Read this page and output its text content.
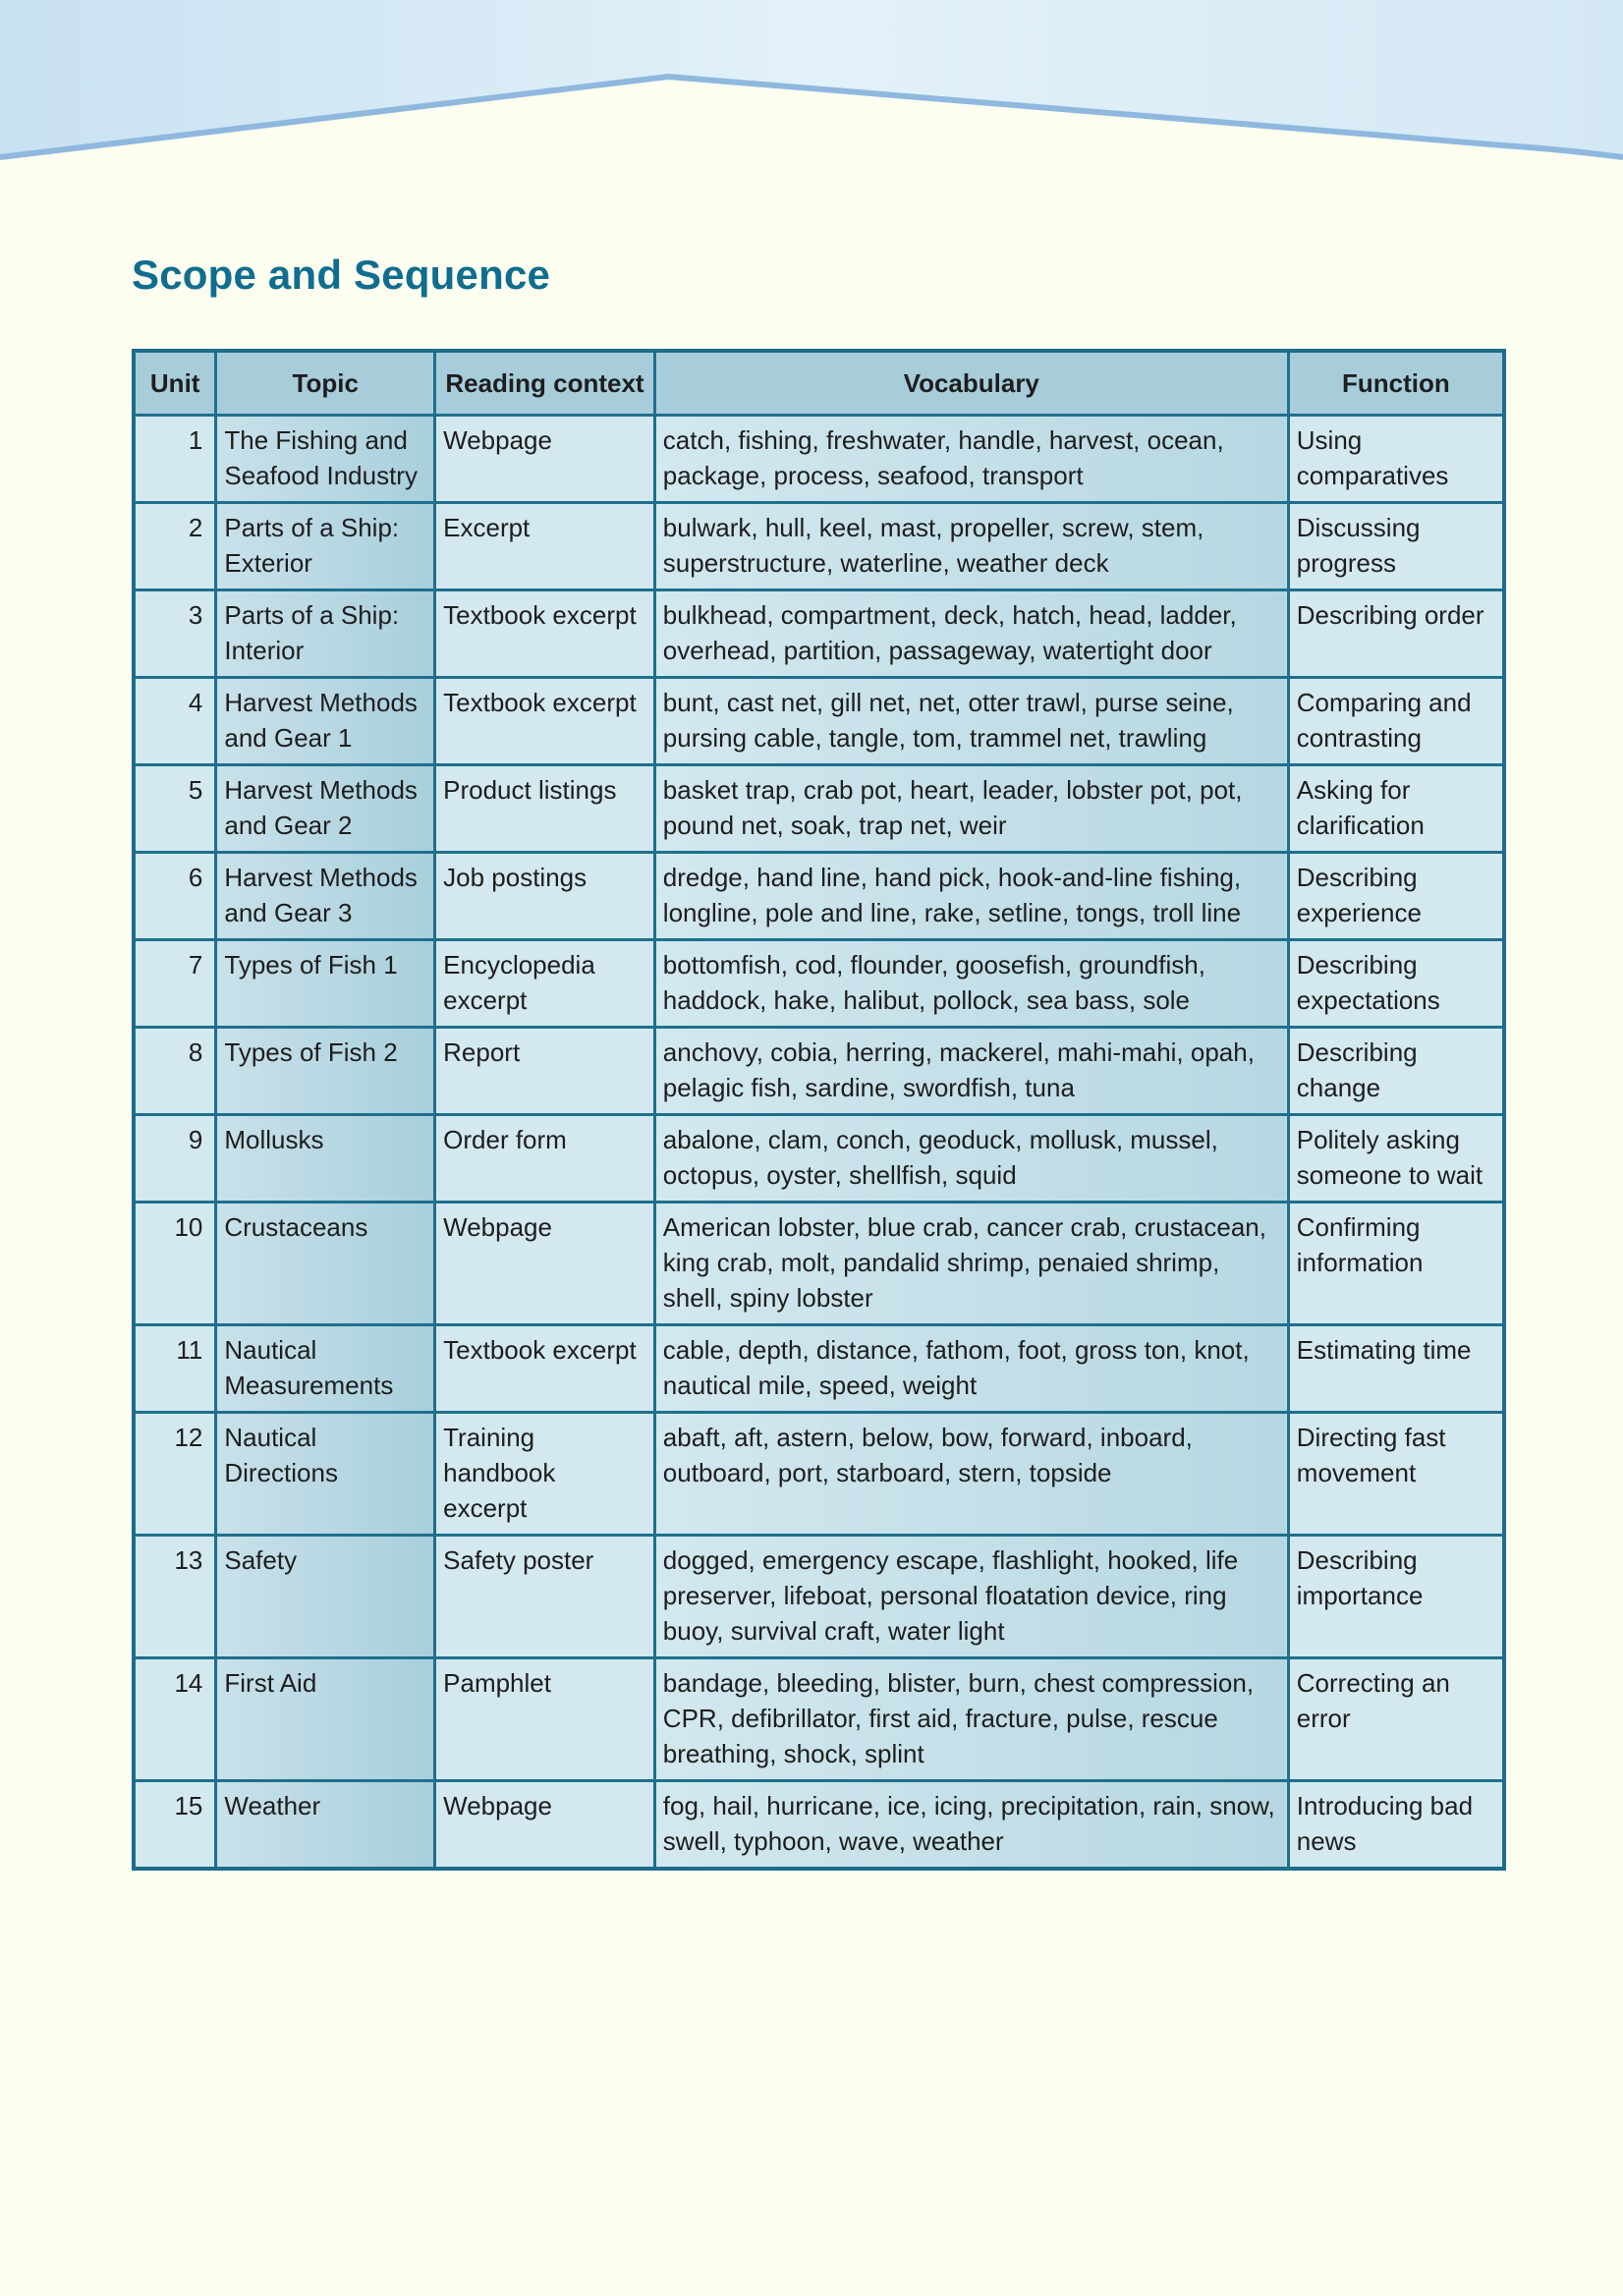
Scope and Sequence
Unit	Topic	Reading context	Vocabulary	Function
1	The Fishing and Seafood Industry	Webpage	catch, fishing, freshwater, handle, harvest, ocean, package, process, seafood, transport	Using comparatives
2	Parts of a Ship: Exterior	Excerpt	bulwark, hull, keel, mast, propeller, screw, stem, superstructure, waterline, weather deck	Discussing progress
3	Parts of a Ship: Interior	Textbook excerpt	bulkhead, compartment, deck, hatch, head, ladder, overhead, partition, passageway, watertight door	Describing order
4	Harvest Methods and Gear 1	Textbook excerpt	bunt, cast net, gill net, net, otter trawl, purse seine, pursing cable, tangle, tom, trammel net, trawling	Comparing and contrasting
5	Harvest Methods and Gear 2	Product listings	basket trap, crab pot, heart, leader, lobster pot, pot, pound net, soak, trap net, weir	Asking for clarification
6	Harvest Methods and Gear 3	Job postings	dredge, hand line, hand pick, hook-and-line fishing, longline, pole and line, rake, setline, tongs, troll line	Describing experience
7	Types of Fish 1	Encyclopedia excerpt	bottomfish, cod, flounder, goosefish, groundfish, haddock, hake, halibut, pollock, sea bass, sole	Describing expectations
8	Types of Fish 2	Report	anchovy, cobia, herring, mackerel, mahi-mahi, opah, pelagic fish, sardine, swordfish, tuna	Describing change
9	Mollusks	Order form	abalone, clam, conch, geoduck, mollusk, mussel, octopus, oyster, shellfish, squid	Politely asking someone to wait
10	Crustaceans	Webpage	American lobster, blue crab, cancer crab, crustacean, king crab, molt, pandalid shrimp, penaied shrimp, shell, spiny lobster	Confirming information
11	Nautical Measurements	Textbook excerpt	cable, depth, distance, fathom, foot, gross ton, knot, nautical mile, speed, weight	Estimating time
12	Nautical Directions	Training handbook excerpt	abaft, aft, astern, below, bow, forward, inboard, outboard, port, starboard, stern, topside	Directing fast movement
13	Safety	Safety poster	dogged, emergency escape, flashlight, hooked, life preserver, lifeboat, personal floatation device, ring buoy, survival craft, water light	Describing importance
14	First Aid	Pamphlet	bandage, bleeding, blister, burn, chest compression, CPR, defibrillator, first aid, fracture, pulse, rescue breathing, shock, splint	Correcting an error
15	Weather	Webpage	fog, hail, hurricane, ice, icing, precipitation, rain, snow, swell, typhoon, wave, weather	Introducing bad news
